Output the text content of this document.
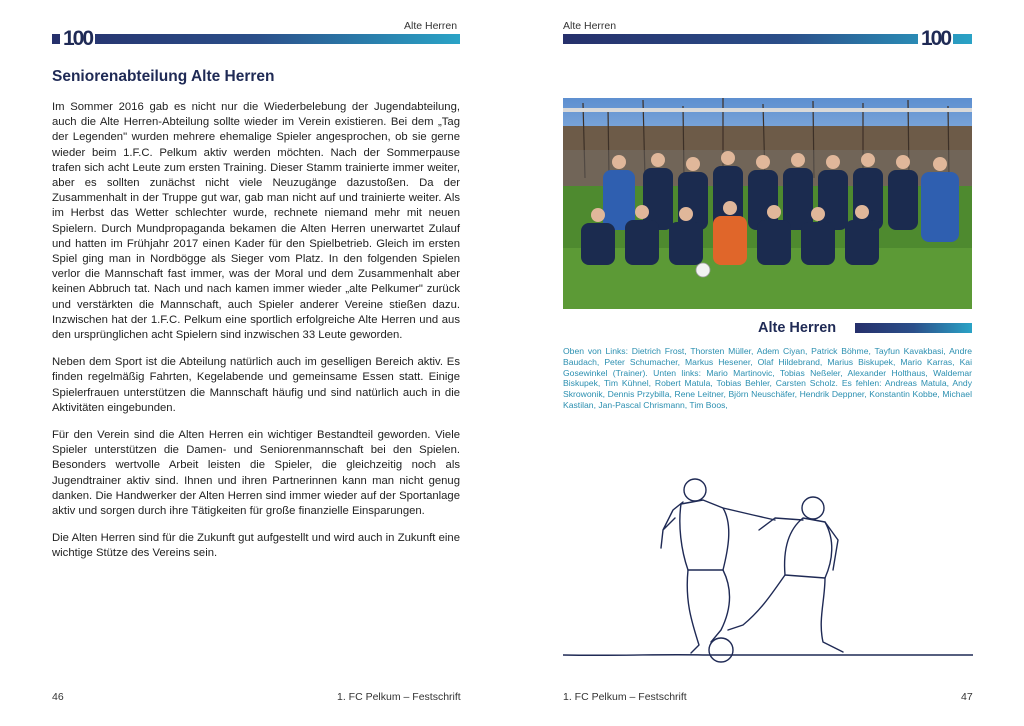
Alte Herren
100
Seniorenabteilung Alte Herren

Im Sommer 2016 gab es nicht nur die Wiederbelebung der Jugendabteilung, auch die Alte Herren-Abteilung sollte wieder im Verein existieren. Bei dem „Tag der Legenden" wurden mehrere ehemalige Spieler angesprochen, ob sie gerne wieder beim 1.F.C. Pelkum aktiv werden möchten. Nach der Sommerpause trafen sich acht Leute zum ersten Training. Dieser Stamm trainierte immer weiter, aber es sollten zunächst nicht viele Neuzugänge dazustoßen. Da der Zusammenhalt in der Truppe gut war, gab man nicht auf und trainierte weiter. Als im Herbst das Wetter schlechter wurde, rechnete niemand mehr mit neuen Spielern. Durch Mundpropaganda bekamen die Alten Herren unerwartet Zulauf und hatten im Frühjahr 2017 einen Kader für den Spielbetrieb. Gleich im ersten Spiel ging man in Nordbögge als Sieger vom Platz. In den folgenden Spielen verlor die Mannschaft fast immer, was der Moral und dem Zusammenhalt aber keinen Abbruch tat. Nach und nach kamen immer wieder „alte Pelkumer" zurück und verstärkten die Mannschaft, auch Spieler anderer Vereine stießen dazu. Inzwischen hat der 1.F.C. Pelkum eine sportlich erfolgreiche Alte Herren und aus den ursprünglichen acht Spielern sind inzwischen 33 Leute geworden.

Neben dem Sport ist die Abteilung natürlich auch im geselligen Bereich aktiv. Es finden regelmäßig Fahrten, Kegelabende und gemeinsame Essen statt. Einige Spielerfrauen unterstützen die Mannschaft häufig und sind natürlich auch in die Aktivitäten eingebunden.

Für den Verein sind die Alten Herren ein wichtiger Bestandteil geworden. Viele Spieler unterstützen die Damen- und Seniorenmannschaft bei den Spielen. Besonders wertvolle Arbeit leisten die Spieler, die gleichzeitig noch als Jugendtrainer aktiv sind. Ihnen und ihren Partnerinnen kann man nicht genug danken. Die Handwerker der Alten Herren sind immer wieder auf der Sportanlage aktiv und sorgen durch ihre Tätigkeiten für große finanzielle Einsparungen.

Die Alten Herren sind für die Zukunft gut aufgestellt und wird auch in Zukunft eine wichtige Stütze des Vereins sein.

46	1. FC Pelkum – Festschrift
Alte Herren
100
1. FC Pelkum – Festschrift	47
Alte Herren
Oben von Links: Dietrich Frost, Thorsten Müller, Adem Ciyan, Patrick Böhme, Tayfun Kavakbasi, Andre Baudach, Peter Schumacher, Markus Hesener, Olaf Hildebrand, Marius Biskupek, Mario Karras, Kai Gosewinkel (Trainer). Unten links: Mario Martinovic, Tobias Neßeler, Alexander Holthaus, Waldemar Biskupek, Tim Kühnel, Robert Matula, Tobias Behler, Carsten Scholz. Es fehlen: Andreas Matula, Andy Skrowonik, Dennis Przybilla, Rene Leitner, Björn Neuschäfer, Hendrik Deppner, Konstantin Kobbe, Michael Kastilan, Jan-Pascal Chrismann, Tim Boos,
